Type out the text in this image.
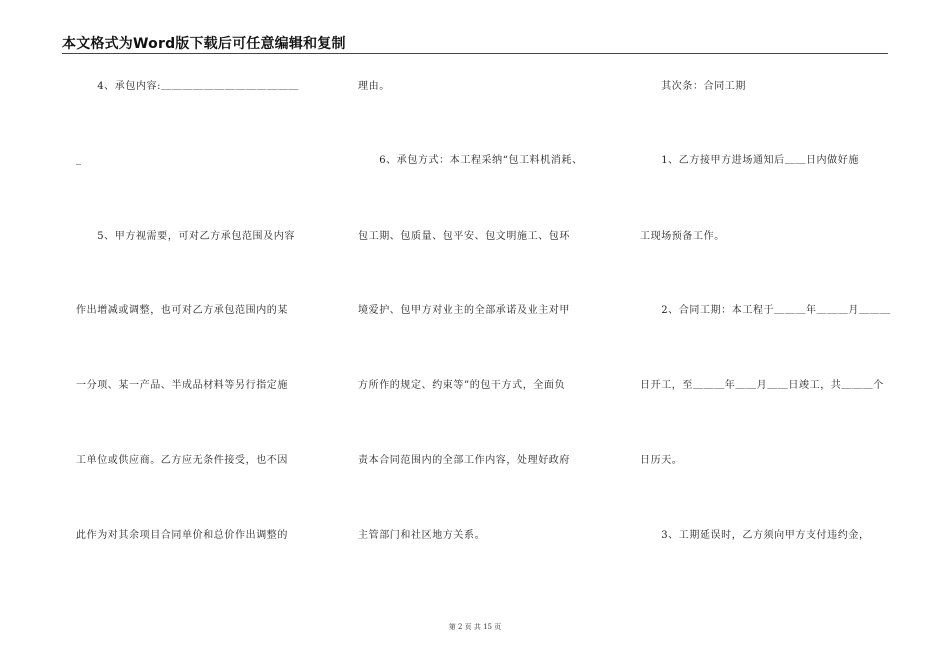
本文格式为Word版下载后可任意编辑和复制
　　4、承包内容:＿＿＿＿＿＿＿＿＿＿＿＿＿
_
　　5、甲方视需要，可对乙方承包范围及内容
作出增减或调整，也可对乙方承包范围内的某
一分项、某一产品、半成品材料等另行指定施
工单位或供应商。乙方应无条件接受，也不因
此作为对其余项目合同单价和总价作出调整的
理由。
　　6、承包方式：本工程采纳“包工料机消耗、
包工期、包质量、包平安、包文明施工、包环
境爱护、包甲方对业主的全部承诺及业主对甲
方所作的规定、约束等”的包干方式，全面负
责本合同范围内的全部工作内容，处理好政府
主管部门和社区地方关系。
　　其次条：合同工期
　　1、乙方接甲方进场通知后＿＿日内做好施
工现场预备工作。
　　2、合同工期：本工程于＿＿＿年＿＿＿月＿＿＿
日开工，至＿＿＿年＿＿月＿＿日竣工，共＿＿＿个
日历天。
　　3、工期延误时，乙方须向甲方支付违约金，
第 2 页 共 15 页
